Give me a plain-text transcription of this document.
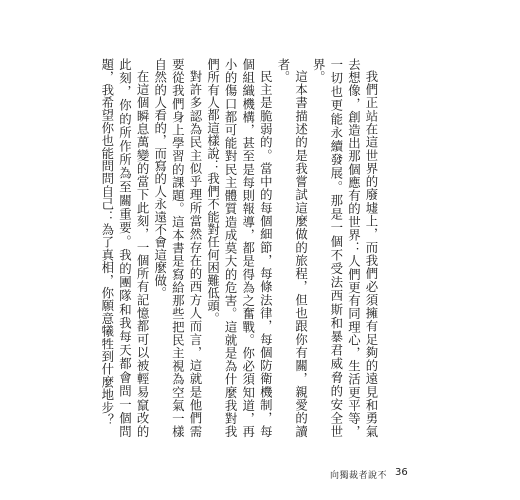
我們正站在這世界的廢墟上，而我們必須擁有足夠的遠見和勇氣去想像，創造出那個應有的世界：人們更有同理心，生活更平等，一切也更能永續發展。那是一個不受法西斯和暴君威脅的安全世界。

這本書描述的是我嘗試這麼做的旅程，但也跟你有關，親愛的讀者。

民主是脆弱的。當中的每個細節，每條法律，每個防衛機制，每個組織機構，甚至是每則報導，都是得為之奮戰。你必須知道，再小的傷口都可能對民主體質造成莫大的危害。這就是為什麼我對我們所有人都這樣說：我們不能對任何困難低頭。

對許多認為民主似乎理所當然存在的西方人而言，這就是他們需要從我們身上學習的課題。這本書是寫給那些把民主視為空氣一樣自然的人看的，而寫的人永遠不會這麼做。

在這個瞬息萬變的當下此刻，一個所有記憶都可以被輕易竄改的此刻，你的所作所為至關重要。我的團隊和我每天都會問一個問題，我希望你也能問問自己：為了真相，你願意犧牲到什麼地步？

向獨裁者說不 36
